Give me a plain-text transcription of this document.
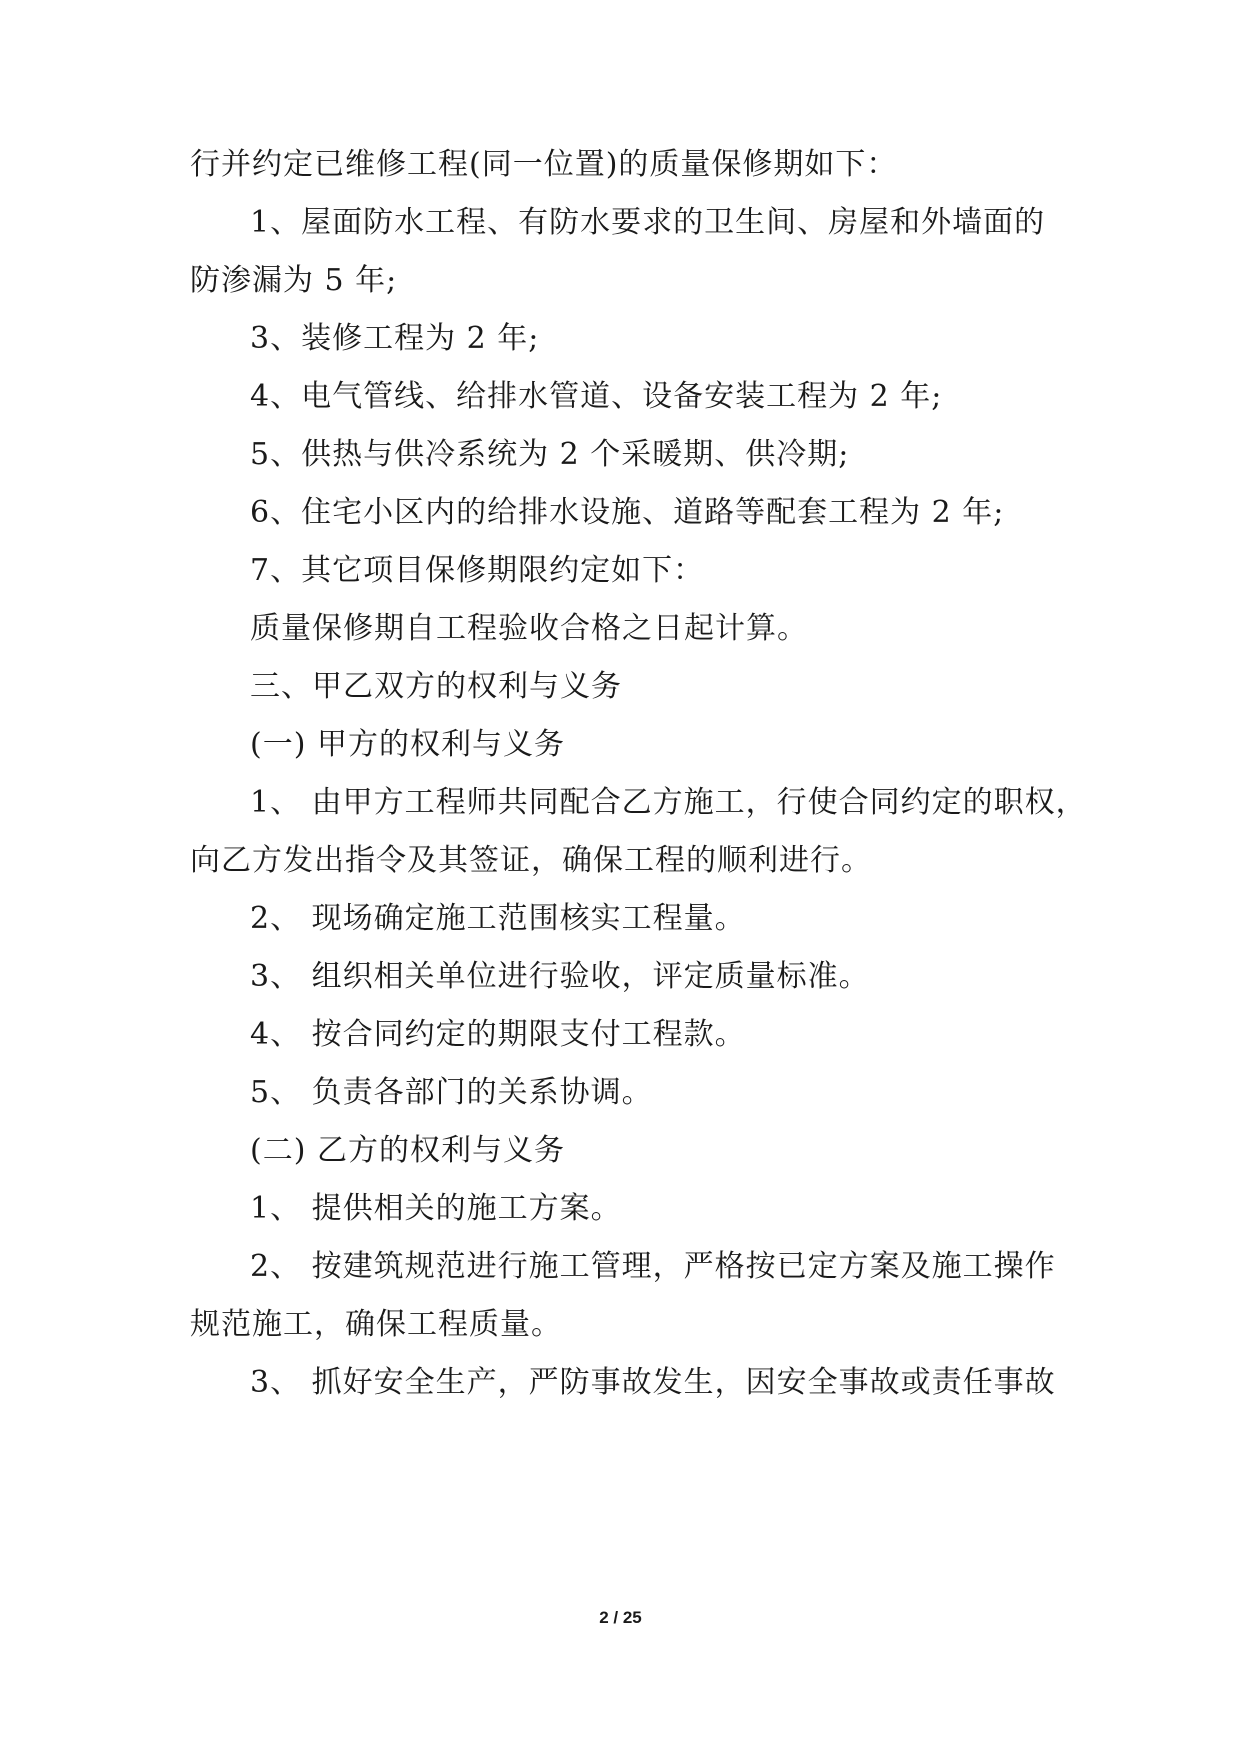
行并约定已维修工程(同一位置)的质量保修期如下：
1、屋面防水工程、有防水要求的卫生间、房屋和外墙面的
防渗漏为 5 年;
3、装修工程为 2 年;
4、电气管线、给排水管道、设备安装工程为 2 年;
5、供热与供冷系统为 2 个采暖期、供冷期;
6、住宅小区内的给排水设施、道路等配套工程为 2 年;
7、其它项目保修期限约定如下：
质量保修期自工程验收合格之日起计算。
三、甲乙双方的权利与义务
(一) 甲方的权利与义务
1、 由甲方工程师共同配合乙方施工，行使合同约定的职权，
向乙方发出指令及其签证，确保工程的顺利进行。
2、 现场确定施工范围核实工程量。
3、 组织相关单位进行验收，评定质量标准。
4、 按合同约定的期限支付工程款。
5、 负责各部门的关系协调。
(二) 乙方的权利与义务
1、 提供相关的施工方案。
2、 按建筑规范进行施工管理，严格按已定方案及施工操作
规范施工，确保工程质量。
3、 抓好安全生产，严防事故发生，因安全事故或责任事故
2 / 25
